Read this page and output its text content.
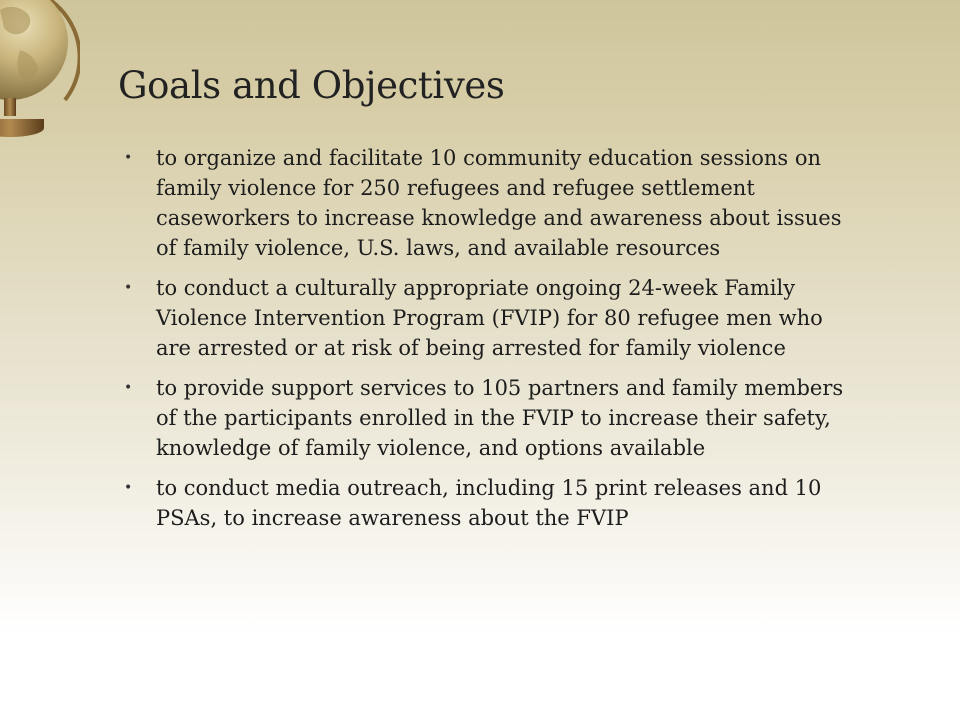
Goals and Objectives
• to organize and facilitate 10 community education sessions on family violence for 250 refugees and refugee settlement caseworkers to increase knowledge and awareness about issues of family violence, U.S. laws, and available resources
• to conduct a culturally appropriate ongoing 24-week Family Violence Intervention Program (FVIP) for 80 refugee men who are arrested or at risk of being arrested for family violence
• to provide support services to 105 partners and family members of the participants enrolled in the FVIP to increase their safety, knowledge of family violence, and options available
• to conduct media outreach, including 15 print releases and 10 PSAs, to increase awareness about the FVIP
